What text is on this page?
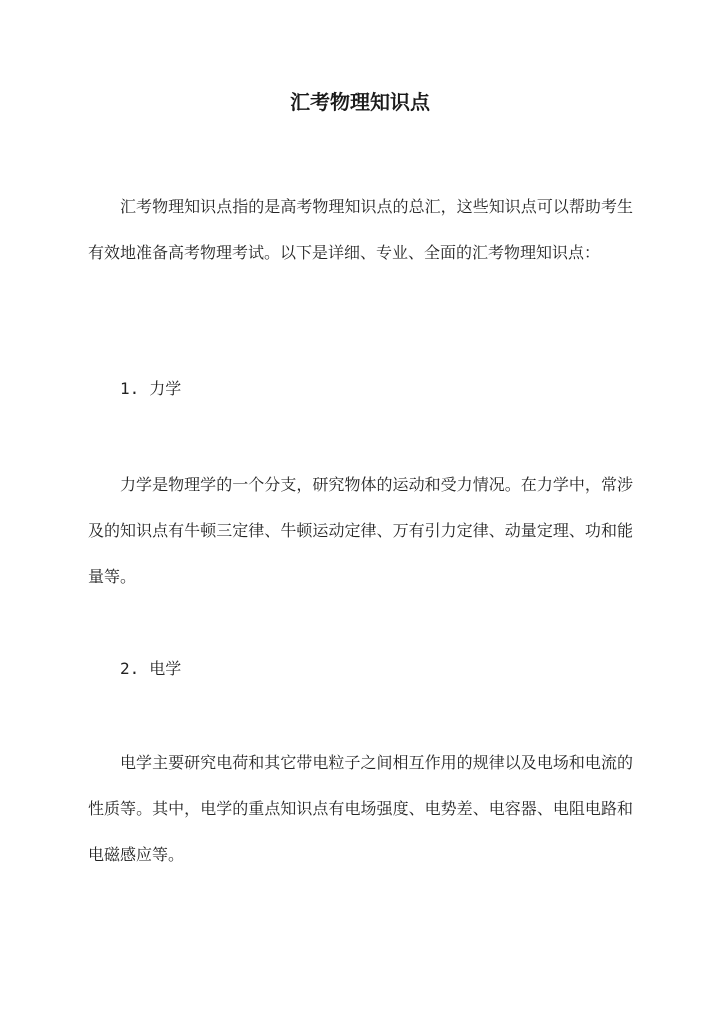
汇考物理知识点

汇考物理知识点指的是高考物理知识点的总汇，这些知识点可以帮助考生有效地准备高考物理考试。以下是详细、专业、全面的汇考物理知识点：

1. 力学

力学是物理学的一个分支，研究物体的运动和受力情况。在力学中，常涉及的知识点有牛顿三定律、牛顿运动定律、万有引力定律、动量定理、功和能量等。

2. 电学

电学主要研究电荷和其它带电粒子之间相互作用的规律以及电场和电流的性质等。其中，电学的重点知识点有电场强度、电势差、电容器、电阻电路和电磁感应等。
